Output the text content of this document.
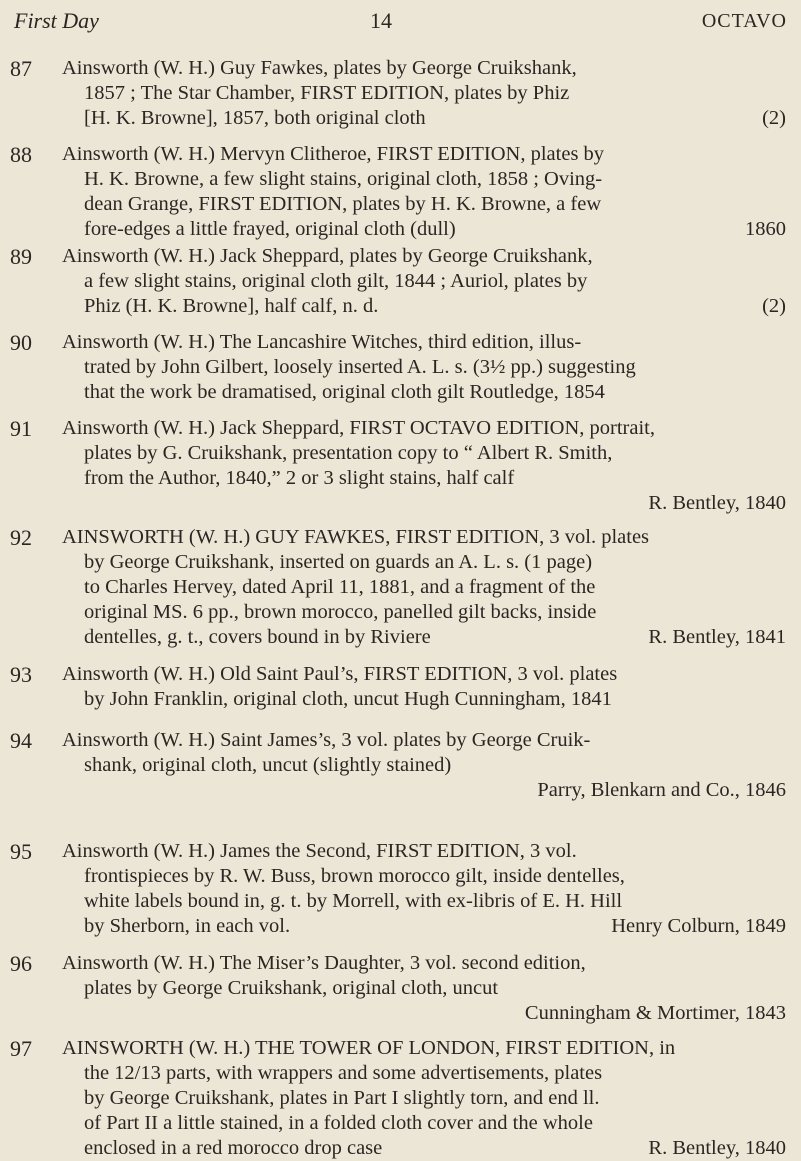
First Day	14	OCTAVO
87	Ainsworth (W. H.) Guy Fawkes, plates by George Cruikshank,
1857 ; The Star Chamber, FIRST EDITION, plates by Phiz
[H. K. Browne], 1857, both original cloth	(2)
88	Ainsworth (W. H.) Mervyn Clitheroe, FIRST EDITION, plates by
H. K. Browne, a few slight stains, original cloth, 1858 ; Oving-
dean Grange, FIRST EDITION, plates by H. K. Browne, a few
fore-edges a little frayed, original cloth (dull)	1860
89	Ainsworth (W. H.) Jack Sheppard, plates by George Cruikshank,
a few slight stains, original cloth gilt, 1844 ; Auriol, plates by
Phiz (H. K. Browne], half calf, n. d.	(2)
90	Ainsworth (W. H.) The Lancashire Witches, third edition, illus-
trated by John Gilbert, loosely inserted A. L. s. (3½ pp.) suggesting
that the work be dramatised, original cloth gilt Routledge, 1854
91	Ainsworth (W. H.) Jack Sheppard, FIRST OCTAVO EDITION, portrait,
plates by G. Cruikshank, presentation copy to “ Albert R. Smith,
from the Author, 1840,” 2 or 3 slight stains, half calf
R. Bentley, 1840
92	AINSWORTH (W. H.) GUY FAWKES, FIRST EDITION, 3 vol. plates
by George Cruikshank, inserted on guards an A. L. s. (1 page)
to Charles Hervey, dated April 11, 1881, and a fragment of the
original MS. 6 pp., brown morocco, panelled gilt backs, inside
dentelles, g. t., covers bound in by Riviere	R. Bentley, 1841
93	Ainsworth (W. H.) Old Saint Paul’s, FIRST EDITION, 3 vol. plates
by John Franklin, original cloth, uncut Hugh Cunningham, 1841
94	Ainsworth (W. H.) Saint James’s, 3 vol. plates by George Cruik-
shank, original cloth, uncut (slightly stained)
Parry, Blenkarn and Co., 1846
95	Ainsworth (W. H.) James the Second, FIRST EDITION, 3 vol.
frontispieces by R. W. Buss, brown morocco gilt, inside dentelles,
white labels bound in, g. t. by Morrell, with ex-libris of E. H. Hill
by Sherborn, in each vol.	Henry Colburn, 1849
96	Ainsworth (W. H.) The Miser’s Daughter, 3 vol. second edition,
plates by George Cruikshank, original cloth, uncut
Cunningham & Mortimer, 1843
97	AINSWORTH (W. H.) THE TOWER OF LONDON, FIRST EDITION, in
the 12/13 parts, with wrappers and some advertisements, plates
by George Cruikshank, plates in Part I slightly torn, and end ll.
of Part II a little stained, in a folded cloth cover and the whole
enclosed in a red morocco drop case	R. Bentley, 1840
